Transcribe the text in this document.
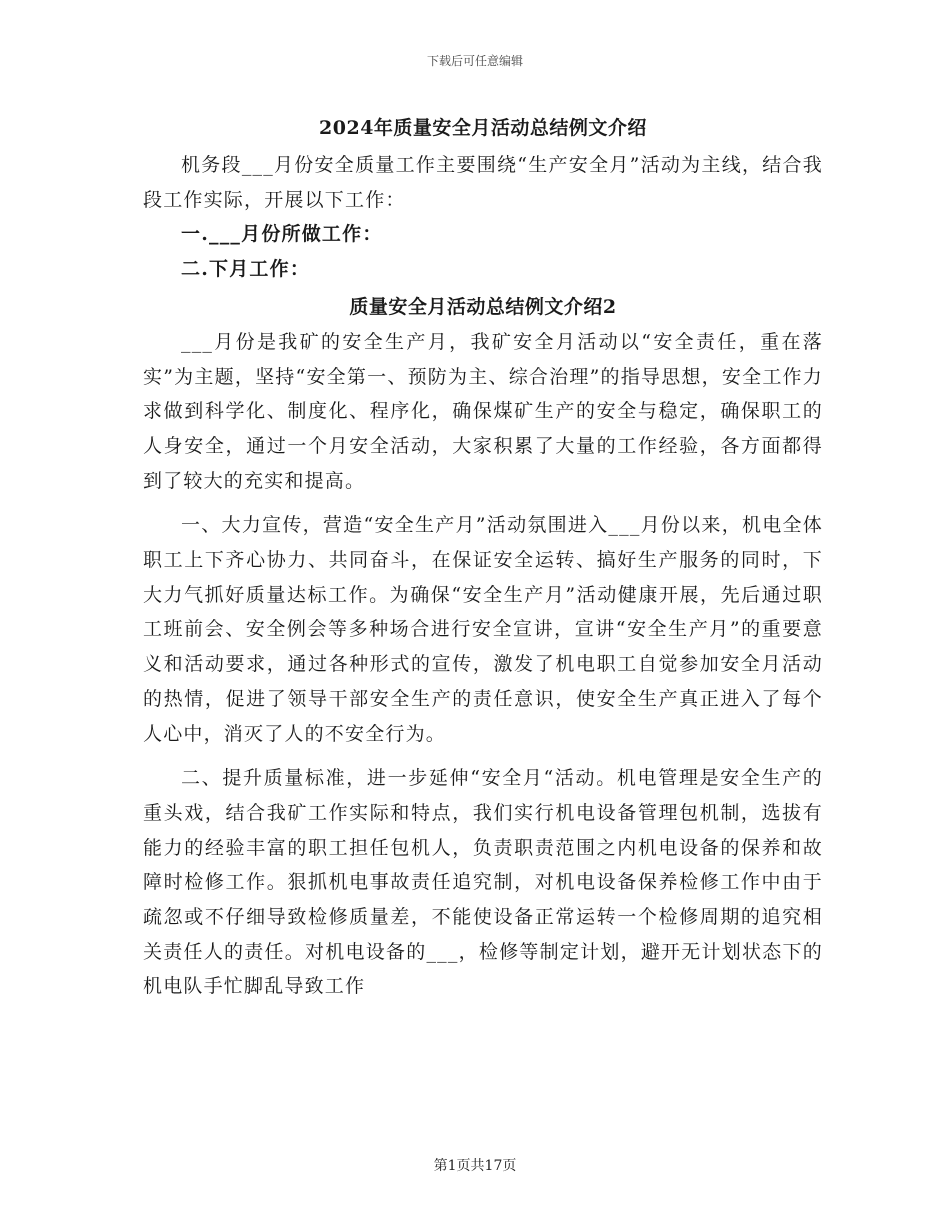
下载后可任意编辑
2024年质量安全月活动总结例文介绍

机务段___月份安全质量工作主要围绕“生产安全月”活动为主线，结合我段工作实际，开展以下工作：

一.___月份所做工作：

二.下月工作：

质量安全月活动总结例文介绍2

___月份是我矿的安全生产月，我矿安全月活动以“安全责任，重在落实”为主题，坚持“安全第一、预防为主、综合治理”的指导思想，安全工作力求做到科学化、制度化、程序化，确保煤矿生产的安全与稳定，确保职工的人身安全，通过一个月安全活动，大家积累了大量的工作经验，各方面都得到了较大的充实和提高。

一、大力宣传，营造“安全生产月”活动氛围进入___月份以来，机电全体职工上下齐心协力、共同奋斗，在保证安全运转、搞好生产服务的同时，下大力气抓好质量达标工作。为确保“安全生产月”活动健康开展，先后通过职工班前会、安全例会等多种场合进行安全宣讲，宣讲“安全生产月”的重要意义和活动要求，通过各种形式的宣传，激发了机电职工自觉参加安全月活动的热情，促进了领导干部安全生产的责任意识，使安全生产真正进入了每个人心中，消灭了人的不安全行为。

二、提升质量标准，进一步延伸“安全月“活动。机电管理是安全生产的重头戏，结合我矿工作实际和特点，我们实行机电设备管理包机制，选拔有能力的经验丰富的职工担任包机人，负责职责范围之内机电设备的保养和故障时检修工作。狠抓机电事故责任追究制，对机电设备保养检修工作中由于疏忽或不仔细导致检修质量差，不能使设备正常运转一个检修周期的追究相关责任人的责任。对机电设备的___，检修等制定计划，避开无计划状态下的机电队手忙脚乱导致工作

第1页共17页
